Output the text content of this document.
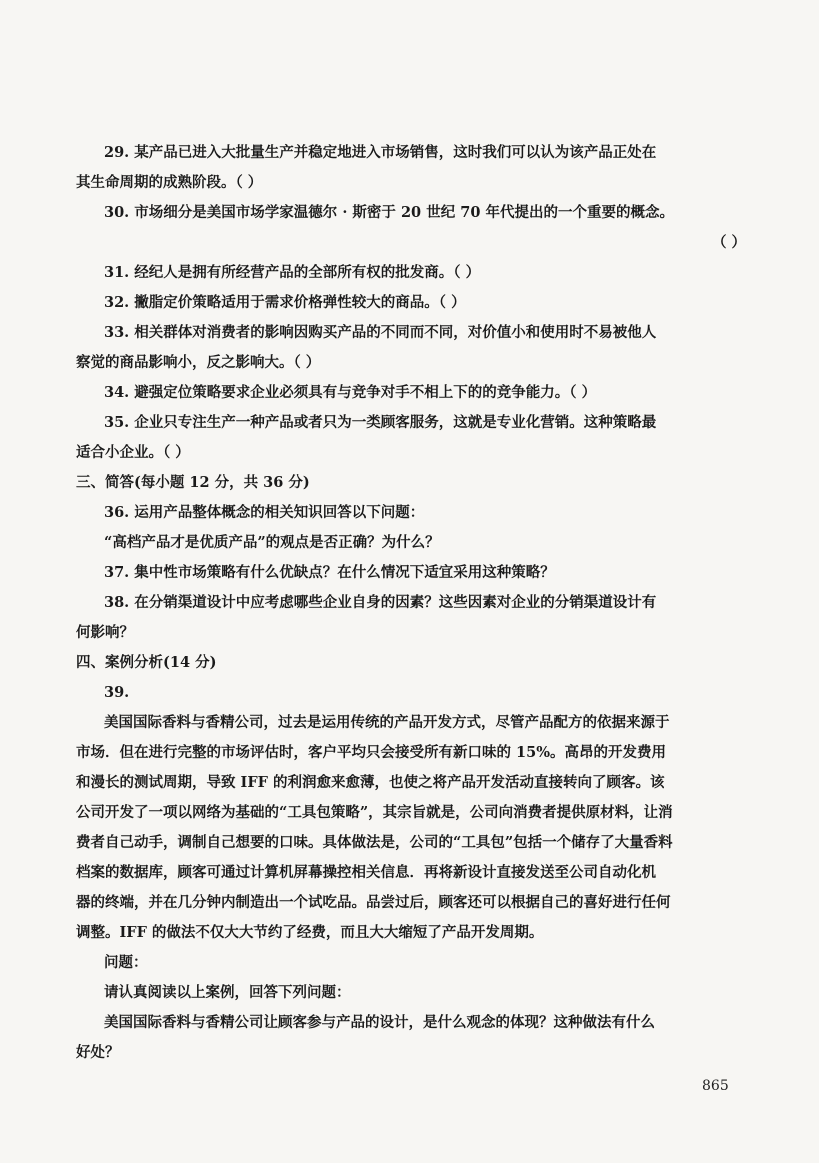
29. 某产品已进入大批量生产并稳定地进入市场销售，这时我们可以认为该产品正处在
其生命周期的成熟阶段。（ ）
30. 市场细分是美国市场学家温德尔 · 斯密于 20 世纪 70 年代提出的一个重要的概念。
（ ）
31. 经纪人是拥有所经营产品的全部所有权的批发商。（ ）
32. 撇脂定价策略适用于需求价格弹性较大的商品。（ ）
33. 相关群体对消费者的影响因购买产品的不同而不同，对价值小和使用时不易被他人
察觉的商品影响小，反之影响大。（ ）
34. 避强定位策略要求企业必须具有与竞争对手不相上下的的竞争能力。（ ）
35. 企业只专注生产一种产品或者只为一类顾客服务，这就是专业化营销。这种策略最
适合小企业。（ ）
三、简答(每小题 12 分，共 36 分)
36. 运用产品整体概念的相关知识回答以下问题：
“高档产品才是优质产品”的观点是否正确？为什么？
37. 集中性市场策略有什么优缺点？在什么情况下适宜采用这种策略？
38. 在分销渠道设计中应考虑哪些企业自身的因素？这些因素对企业的分销渠道设计有
何影响？
四、案例分析(14 分)
39.
美国国际香料与香精公司，过去是运用传统的产品开发方式，尽管产品配方的依据来源于
市场．但在进行完整的市场评估时，客户平均只会接受所有新口味的 15%。高昂的开发费用
和漫长的测试周期，导致 IFF 的利润愈来愈薄，也使之将产品开发活动直接转向了顾客。该
公司开发了一项以网络为基础的“工具包策略”，其宗旨就是，公司向消费者提供原材料，让消
费者自己动手，调制自己想要的口味。具体做法是，公司的“工具包”包括一个储存了大量香料
档案的数据库，顾客可通过计算机屏幕操控相关信息．再将新设计直接发送至公司自动化机
器的终端，并在几分钟内制造出一个试吃品。品尝过后，顾客还可以根据自己的喜好进行任何
调整。IFF 的做法不仅大大节约了经费，而且大大缩短了产品开发周期。
问题：
请认真阅读以上案例，回答下列问题：
美国国际香料与香精公司让顾客参与产品的设计，是什么观念的体现？这种做法有什么
好处？
865
